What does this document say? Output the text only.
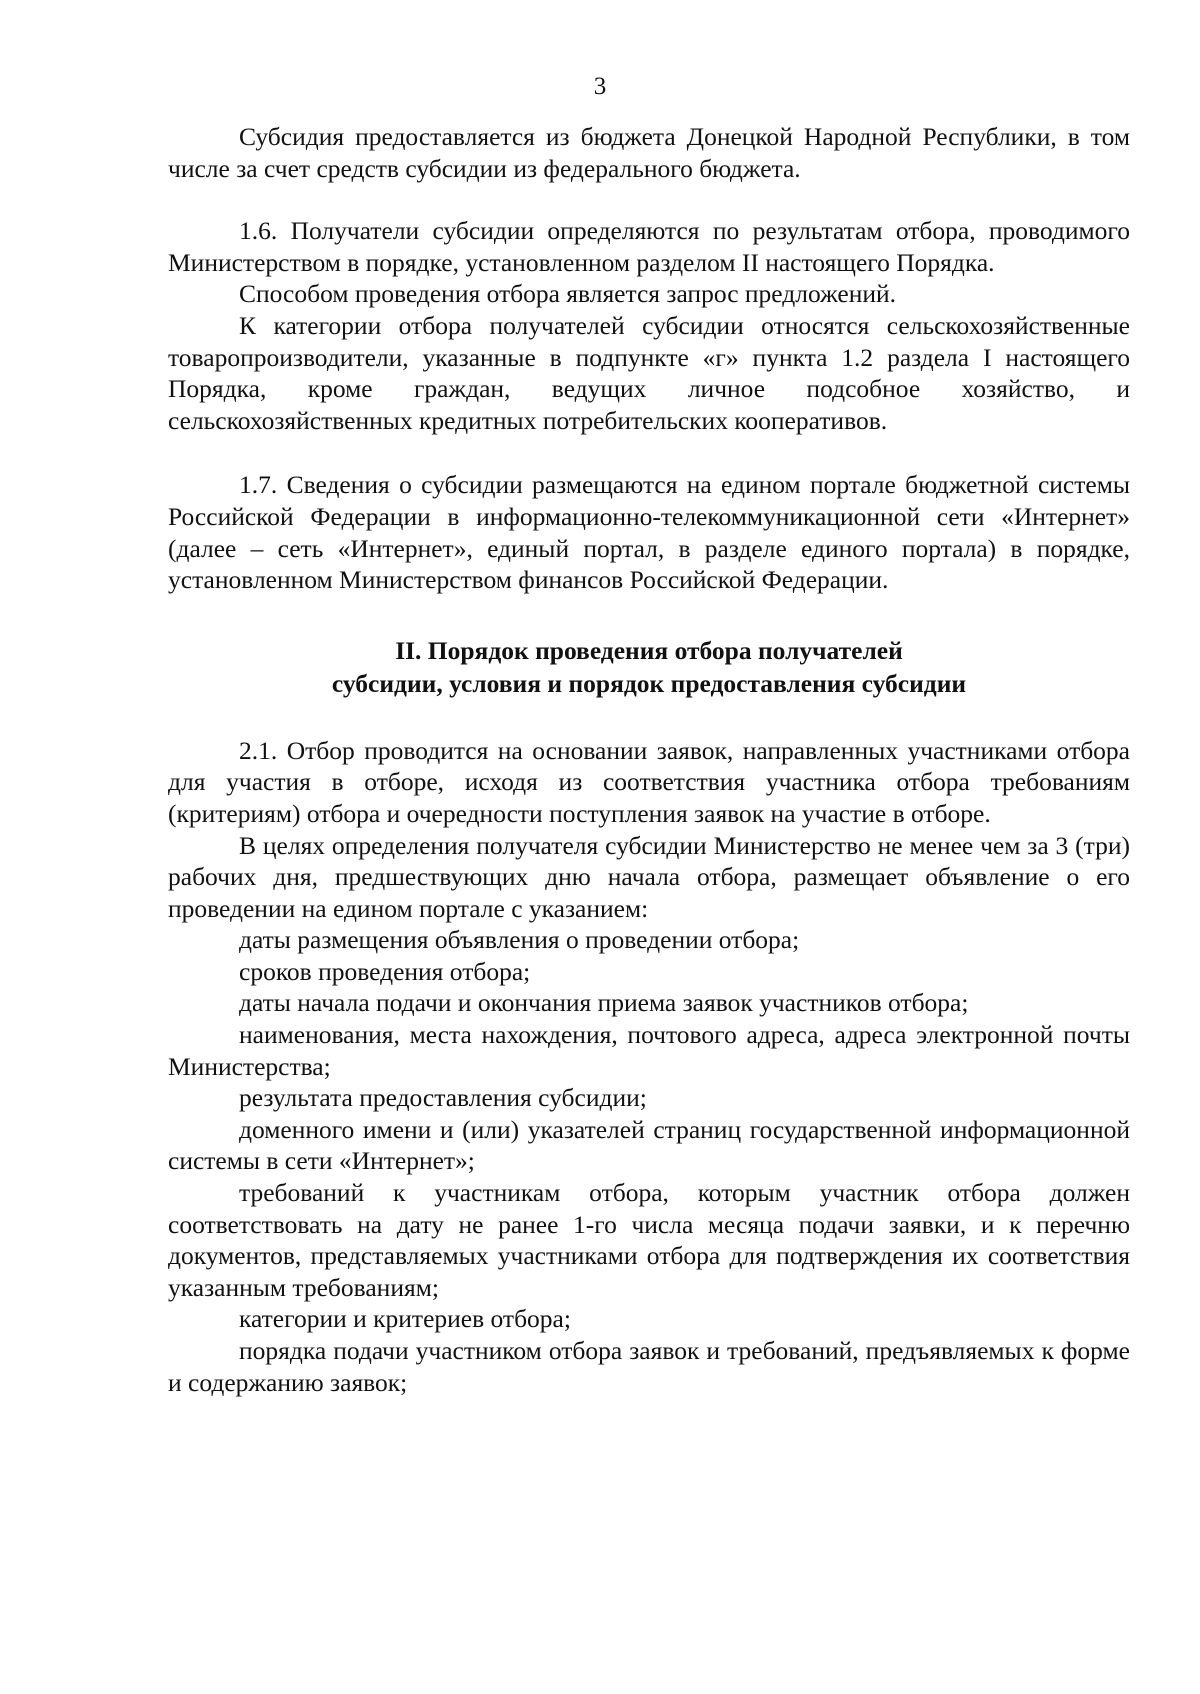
3

Субсидия предоставляется из бюджета Донецкой Народной Республики, в том числе за счет средств субсидии из федерального бюджета.

1.6. Получатели субсидии определяются по результатам отбора, проводимого Министерством в порядке, установленном разделом II настоящего Порядка.

Способом проведения отбора является запрос предложений.

К категории отбора получателей субсидии относятся сельскохозяйственные товаропроизводители, указанные в подпункте «г» пункта 1.2 раздела I настоящего Порядка, кроме граждан, ведущих личное подсобное хозяйство, и сельскохозяйственных кредитных потребительских кооперативов.

1.7. Сведения о субсидии размещаются на едином портале бюджетной системы Российской Федерации в информационно-телекоммуникационной сети «Интернет» (далее – сеть «Интернет», единый портал, в разделе единого портала) в порядке, установленном Министерством финансов Российской Федерации.

II. Порядок проведения отбора получателей
субсидии, условия и порядок предоставления субсидии

2.1. Отбор проводится на основании заявок, направленных участниками отбора для участия в отборе, исходя из соответствия участника отбора требованиям (критериям) отбора и очередности поступления заявок на участие в отборе.

В целях определения получателя субсидии Министерство не менее чем за 3 (три) рабочих дня, предшествующих дню начала отбора, размещает объявление о его проведении на едином портале с указанием:

даты размещения объявления о проведении отбора;

сроков проведения отбора;

даты начала подачи и окончания приема заявок участников отбора;

наименования, места нахождения, почтового адреса, адреса электронной почты Министерства;

результата предоставления субсидии;

доменного имени и (или) указателей страниц государственной информационной системы в сети «Интернет»;

требований к участникам отбора, которым участник отбора должен соответствовать на дату не ранее 1-го числа месяца подачи заявки, и к перечню документов, представляемых участниками отбора для подтверждения их соответствия указанным требованиям;

категории и критериев отбора;

порядка подачи участником отбора заявок и требований, предъявляемых к форме и содержанию заявок;
